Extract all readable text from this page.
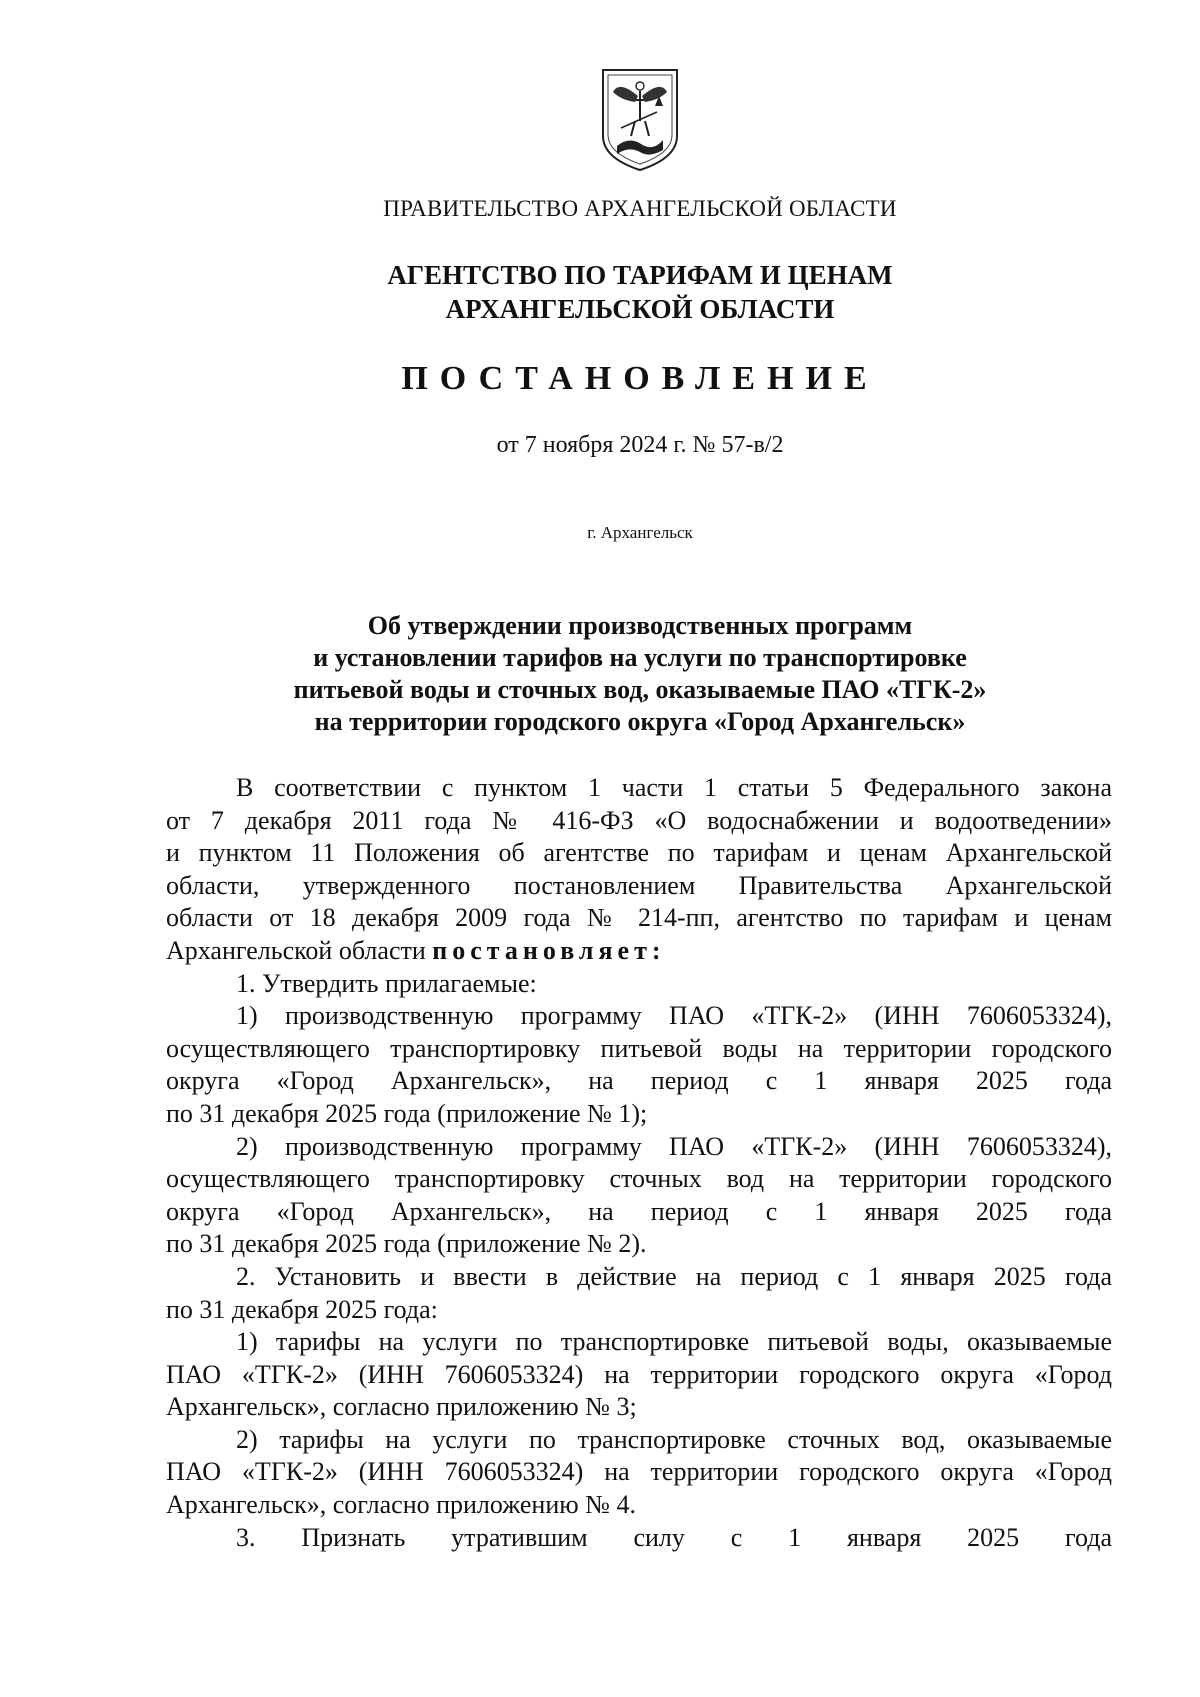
ПРАВИТЕЛЬСТВО АРХАНГЕЛЬСКОЙ ОБЛАСТИ
АГЕНТСТВО ПО ТАРИФАМ И ЦЕНАМ
АРХАНГЕЛЬСКОЙ ОБЛАСТИ
ПОСТАНОВЛЕНИЕ
от 7 ноября 2024 г. № 57-в/2
г. Архангельск
Об утверждении производственных программ
и установлении тарифов на услуги по транспортировке
питьевой воды и сточных вод, оказываемые ПАО «ТГК-2»
на территории городского округа «Город Архангельск»
В соответствии с пунктом 1 части 1 статьи 5 Федерального закона
от 7 декабря 2011 года № 416-ФЗ «О водоснабжении и водоотведении»
и пунктом 11 Положения об агентстве по тарифам и ценам Архангельской
области, утвержденного постановлением Правительства Архангельской
области от 18 декабря 2009 года № 214-пп, агентство по тарифам и ценам
Архангельской области постановляет:
1. Утвердить прилагаемые:
1) производственную программу ПАО «ТГК-2» (ИНН 7606053324),
осуществляющего транспортировку питьевой воды на территории городского
округа «Город Архангельск», на период с 1 января 2025 года
по 31 декабря 2025 года (приложение № 1);
2) производственную программу ПАО «ТГК-2» (ИНН 7606053324),
осуществляющего транспортировку сточных вод на территории городского
округа «Город Архангельск», на период с 1 января 2025 года
по 31 декабря 2025 года (приложение № 2).
2. Установить и ввести в действие на период с 1 января 2025 года
по 31 декабря 2025 года:
1) тарифы на услуги по транспортировке питьевой воды, оказываемые
ПАО «ТГК-2» (ИНН 7606053324) на территории городского округа «Город
Архангельск», согласно приложению № 3;
2) тарифы на услуги по транспортировке сточных вод, оказываемые
ПАО «ТГК-2» (ИНН 7606053324) на территории городского округа «Город
Архангельск», согласно приложению № 4.
3. Признать утратившим силу с 1 января 2025 года
